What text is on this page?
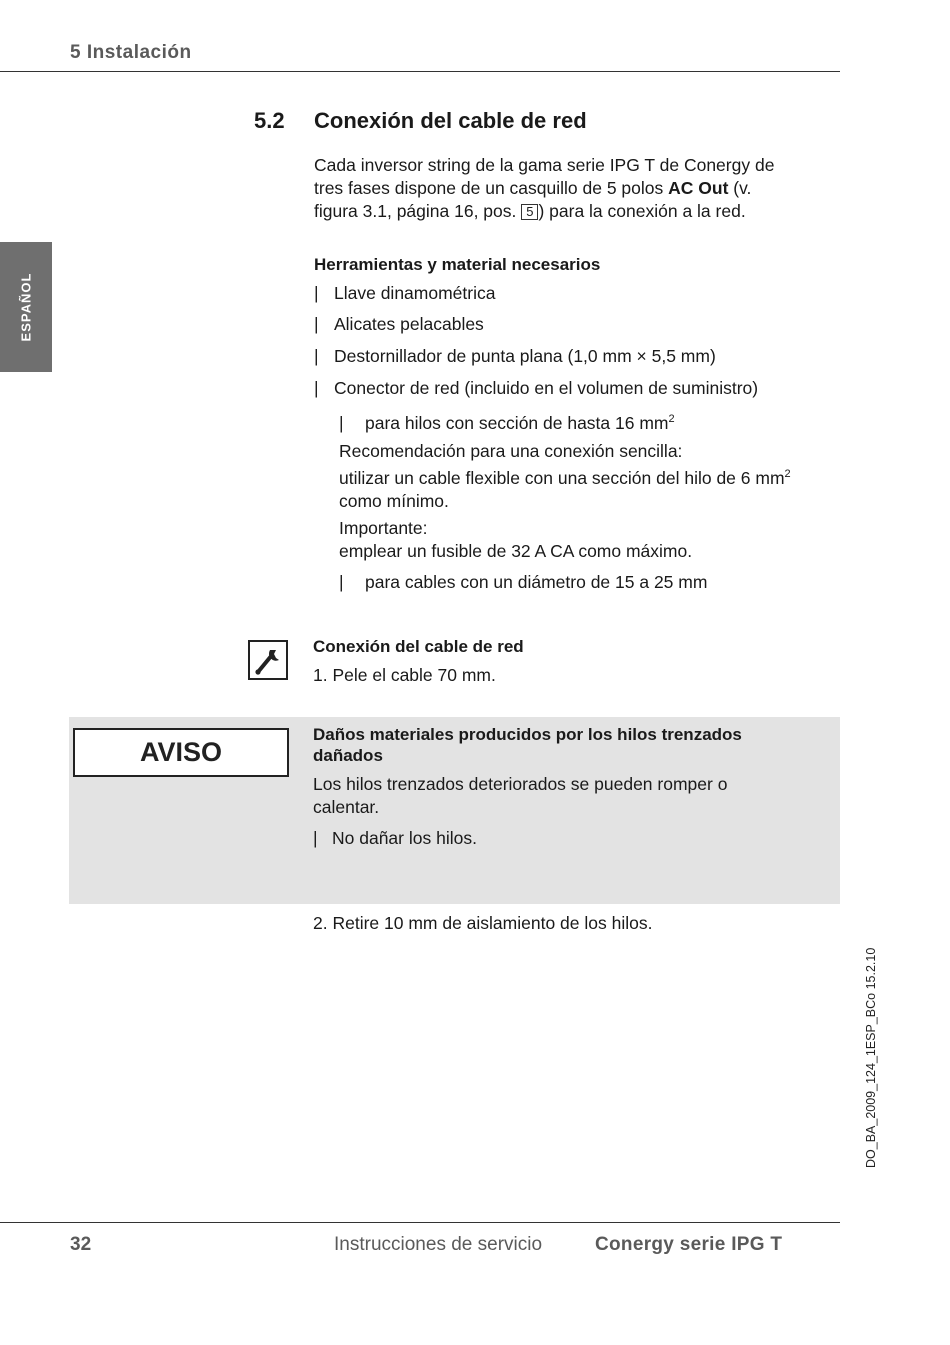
5 Instalación
ESPAÑOL
5.2 Conexión del cable de red
Cada inversor string de la gama serie IPG T de Conergy de
tres fases dispone de un casquillo de 5 polos AC Out (v.
figura 3.1, página 16, pos. 5 ) para la conexión a la red.
Herramientas y material necesarios
| Llave dinamométrica
| Alicates pelacables
| Destornillador de punta plana (1,0 mm × 5,5 mm)
| Conector de red (incluido en el volumen de suministro)
| para hilos con sección de hasta 16 $mm^2$
Recomendación para una conexión sencilla:
utilizar un cable flexible con una sección del hilo de 6 $mm^2$
como mínimo.
Importante:
emplear un fusible de 32 A CA como máximo.
| para cables con un diámetro de 15 a 25 mm
Conexión del cable de red
1. Pele el cable 70 mm.
AVISO
Daños materiales producidos por los hilos trenzados
dañados
Los hilos trenzados deteriorados se pueden romper o
calentar.
| No dañar los hilos.
2. Retire 10 mm de aislamiento de los hilos.
DO_BA_2009_124_1ESP_BCo 15.2.10
32	Instrucciones de servicio	Conergy serie IPG T
